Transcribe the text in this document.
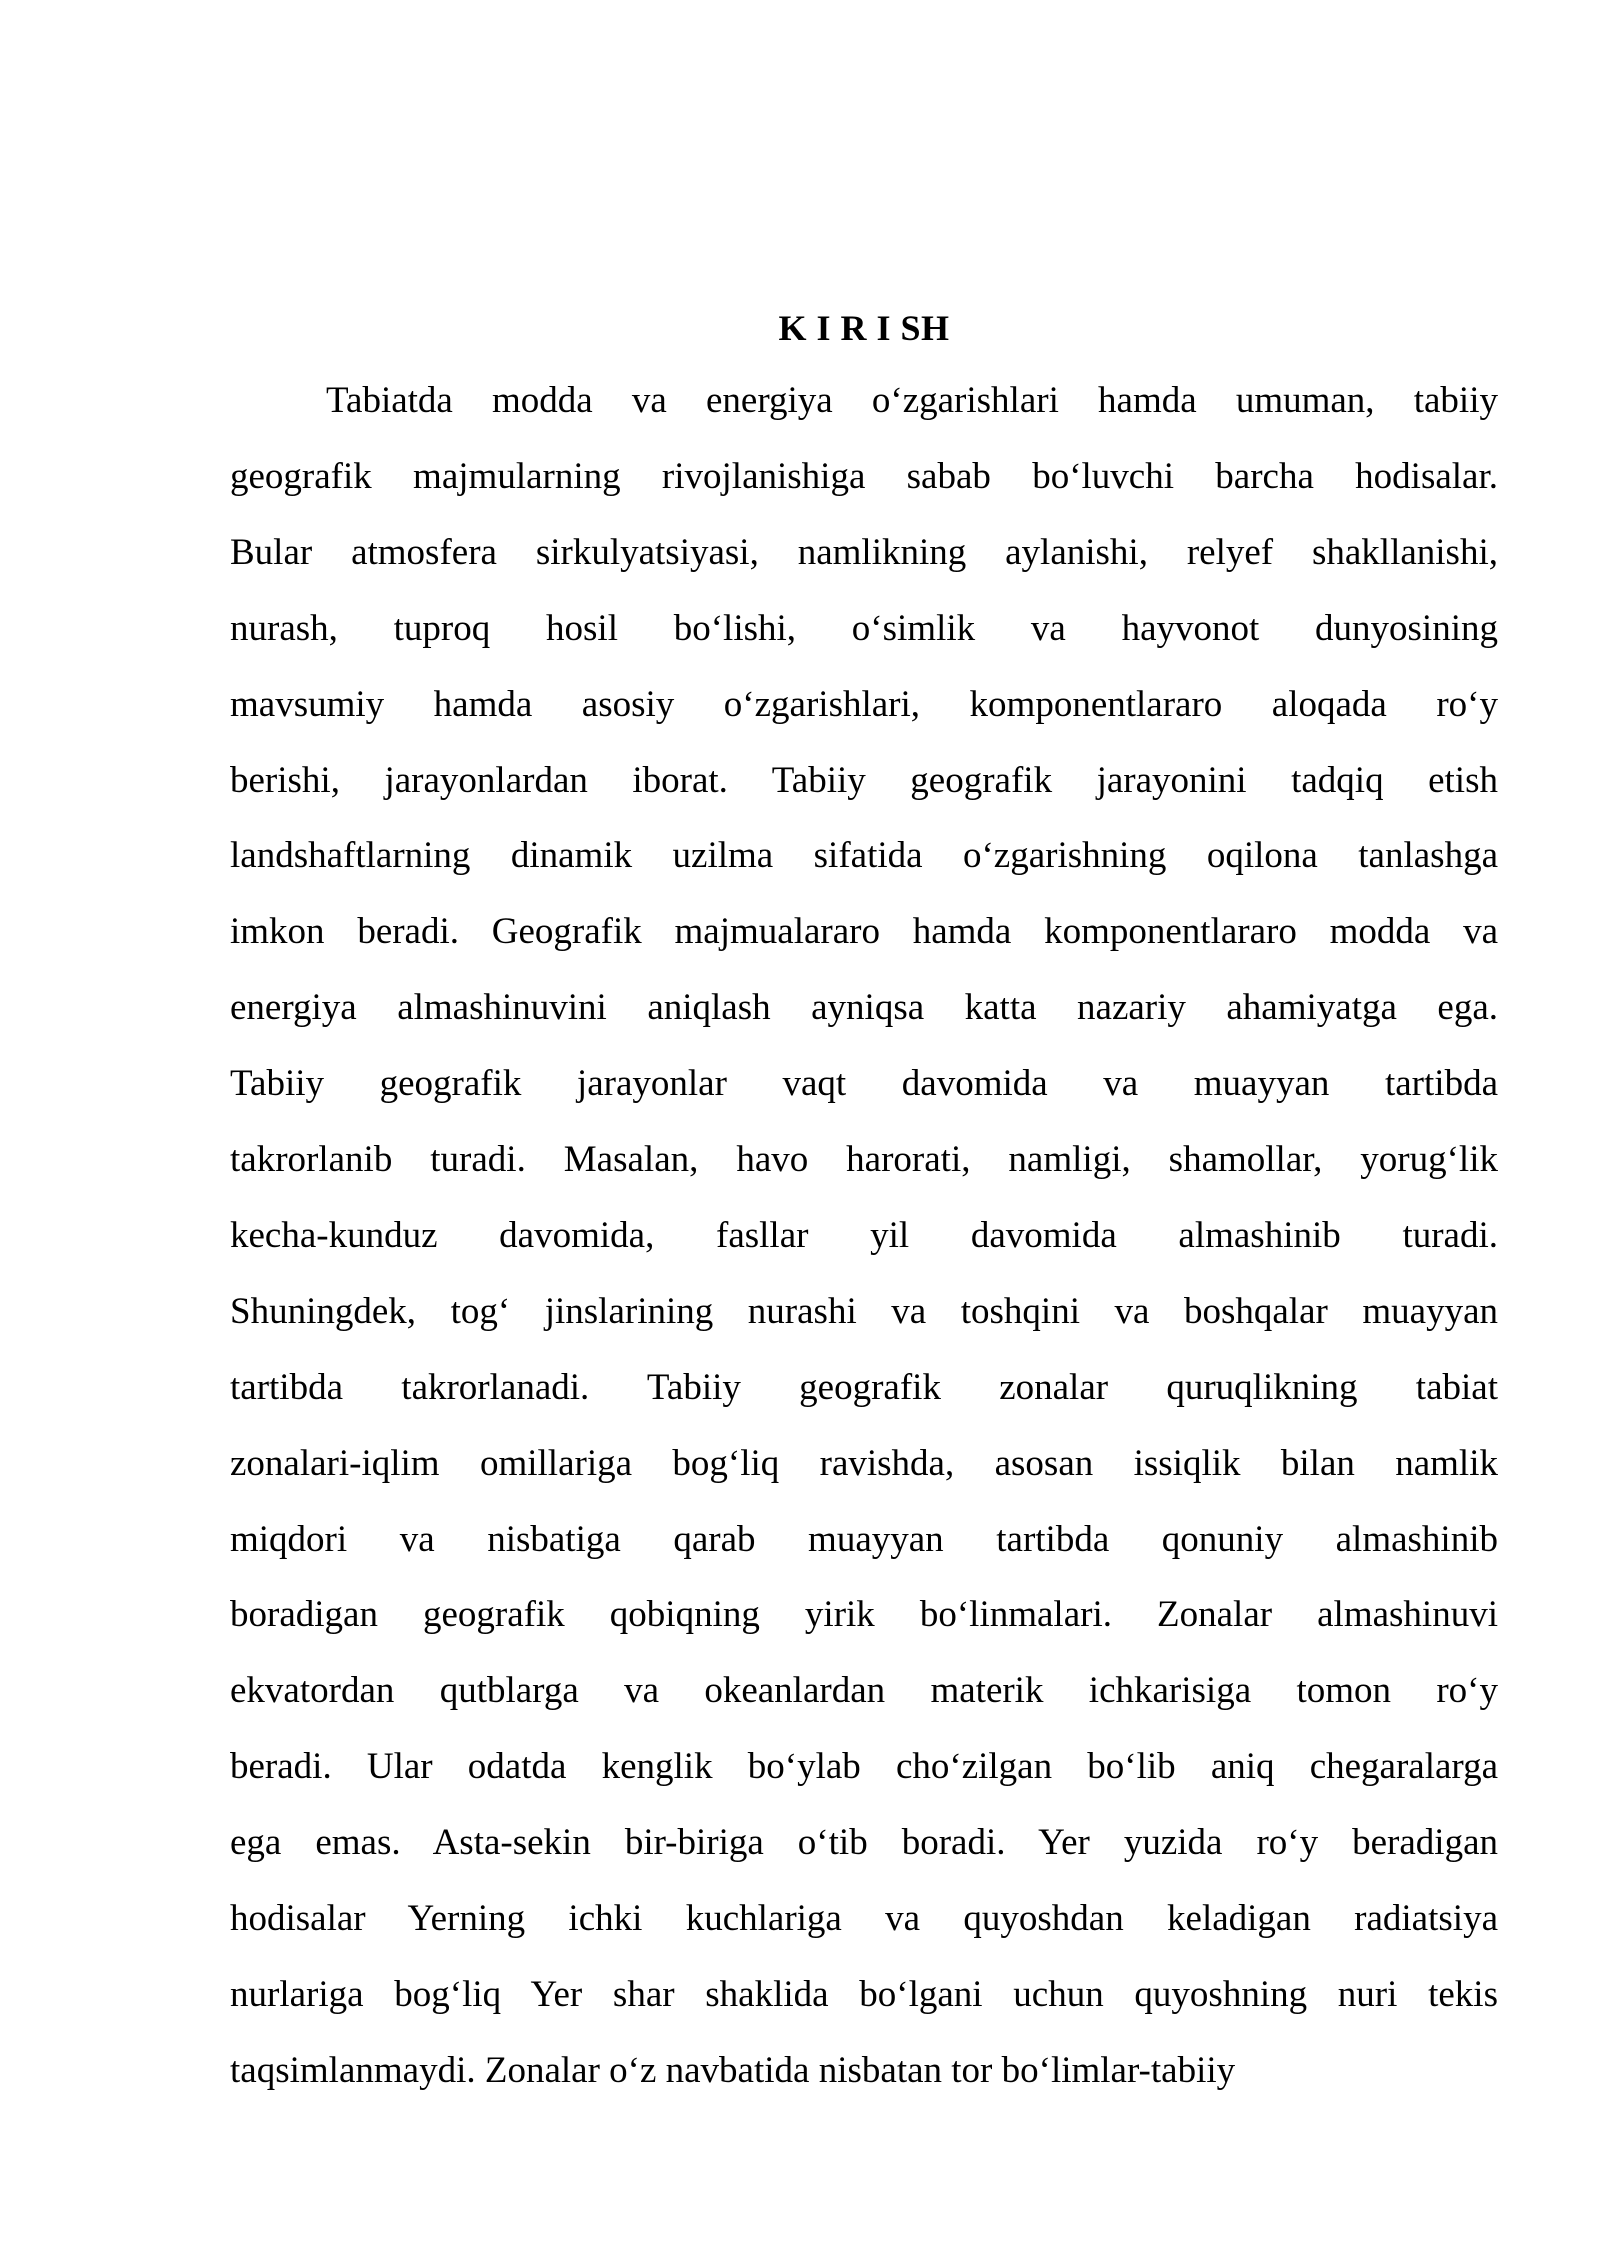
K I R I SH
Tabiatda modda va energiya o‘zgarishlari hamda umuman, tabiiy
geografik majmularning rivojlanishiga sabab bo‘luvchi barcha hodisalar.
Bular atmosfera sirkulyatsiyasi, namlikning aylanishi, relyef shakllanishi,
nurash, tuproq hosil bo‘lishi, o‘simlik va hayvonot dunyosining
mavsumiy hamda asosiy o‘zgarishlari, komponentlararo aloqada ro‘y
berishi, jarayonlardan iborat. Tabiiy geografik jarayonini tadqiq etish
landshaftlarning dinamik uzilma sifatida o‘zgarishning oqilona tanlashga
imkon beradi. Geografik majmualararo hamda komponentlararo modda va
energiya almashinuvini aniqlash ayniqsa katta nazariy ahamiyatga ega.
Tabiiy geografik jarayonlar vaqt davomida va muayyan tartibda
takrorlanib turadi. Masalan, havo harorati, namligi, shamollar, yorug‘lik
kecha-kunduz davomida, fasllar yil davomida almashinib turadi.
Shuningdek, tog‘ jinslarining nurashi va toshqini va boshqalar muayyan
tartibda takrorlanadi. Tabiiy geografik zonalar quruqlikning tabiat
zonalari-iqlim omillariga bog‘liq ravishda, asosan issiqlik bilan namlik
miqdori va nisbatiga qarab muayyan tartibda qonuniy almashinib
boradigan geografik qobiqning yirik bo‘linmalari. Zonalar almashinuvi
ekvatordan qutblarga va okeanlardan materik ichkarisiga tomon ro‘y
beradi. Ular odatda kenglik bo‘ylab cho‘zilgan bo‘lib aniq chegaralarga
ega emas. Asta-sekin bir-biriga o‘tib boradi. Yer yuzida ro‘y beradigan
hodisalar Yerning ichki kuchlariga va quyoshdan keladigan radiatsiya
nurlariga bog‘liq Yer shar shaklida bo‘lgani uchun quyoshning nuri tekis
taqsimlanmaydi. Zonalar o‘z navbatida nisbatan tor bo‘limlar-tabiiy
